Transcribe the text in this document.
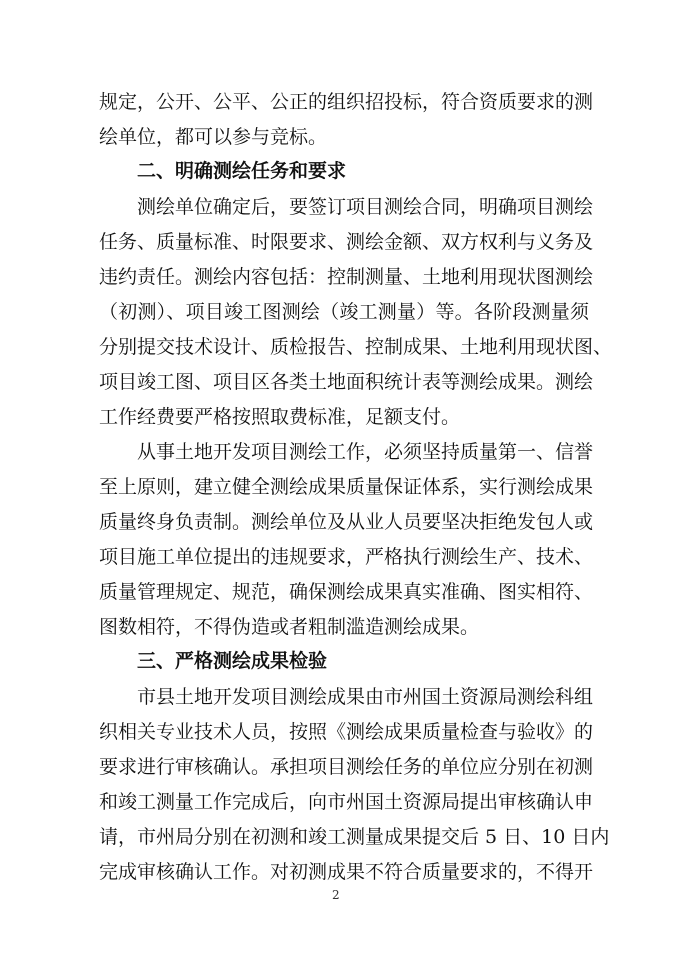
规定，公开、公平、公正的组织招投标，符合资质要求的测
绘单位，都可以参与竞标。
二、明确测绘任务和要求
测绘单位确定后，要签订项目测绘合同，明确项目测绘
任务、质量标准、时限要求、测绘金额、双方权利与义务及
违约责任。测绘内容包括：控制测量、土地利用现状图测绘
（初测）、项目竣工图测绘（竣工测量）等。各阶段测量须
分别提交技术设计、质检报告、控制成果、土地利用现状图、
项目竣工图、项目区各类土地面积统计表等测绘成果。测绘
工作经费要严格按照取费标准，足额支付。
从事土地开发项目测绘工作，必须坚持质量第一、信誉
至上原则，建立健全测绘成果质量保证体系，实行测绘成果
质量终身负责制。测绘单位及从业人员要坚决拒绝发包人或
项目施工单位提出的违规要求，严格执行测绘生产、技术、
质量管理规定、规范，确保测绘成果真实准确、图实相符、
图数相符，不得伪造或者粗制滥造测绘成果。
三、严格测绘成果检验
市县土地开发项目测绘成果由市州国土资源局测绘科组
织相关专业技术人员，按照《测绘成果质量检查与验收》的
要求进行审核确认。承担项目测绘任务的单位应分别在初测
和竣工测量工作完成后，向市州国土资源局提出审核确认申
请，市州局分别在初测和竣工测量成果提交后 5 日、10 日内
完成审核确认工作。对初测成果不符合质量要求的，不得开
2
